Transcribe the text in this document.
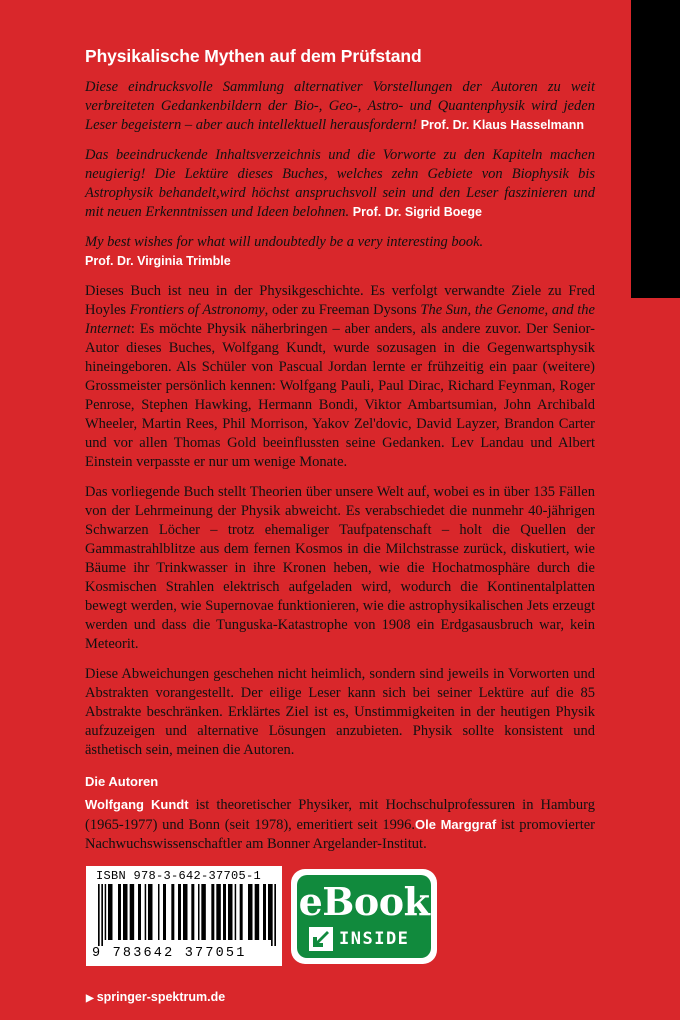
Physikalische Mythen auf dem Prüfstand

Diese eindrucksvolle Sammlung alternativer Vorstellungen der Autoren zu weit verbreiteten Gedankenbildern der Bio-, Geo-, Astro- und Quantenphysik wird jeden Leser begeistern – aber auch intellektuell herausfordern! Prof. Dr. Klaus Hasselmann

Das beeindruckende Inhaltsverzeichnis und die Vorworte zu den Kapiteln machen neugierig! Die Lektüre dieses Buches, welches zehn Gebiete von Biophysik bis Astrophysik behandelt,wird höchst anspruchsvoll sein und den Leser faszinieren und mit neuen Erkenntnissen und Ideen belohnen. Prof. Dr. Sigrid Boege

My best wishes for what will undoubtedly be a very interesting book.
Prof. Dr. Virginia Trimble

Dieses Buch ist neu in der Physikgeschichte. Es verfolgt verwandte Ziele zu Fred Hoyles Frontiers of Astronomy, oder zu Freeman Dysons The Sun, the Genome, and the Internet: Es möchte Physik näherbringen – aber anders, als andere zuvor. Der Senior-Autor dieses Buches, Wolfgang Kundt, wurde sozusagen in die Gegenwartsphysik hineingeboren. Als Schüler von Pascual Jordan lernte er frühzeitig ein paar (weitere) Grossmeister persönlich kennen: Wolfgang Pauli, Paul Dirac, Richard Feynman, Roger Penrose, Stephen Hawking, Hermann Bondi, Viktor Ambartsumian, John Archibald Wheeler, Martin Rees, Phil Morrison, Yakov Zel'dovic, David Layzer, Brandon Carter und vor allen Thomas Gold beeinflussten seine Gedanken. Lev Landau und Albert Einstein verpasste er nur um wenige Monate.

Das vorliegende Buch stellt Theorien über unsere Welt auf, wobei es in über 135 Fällen von der Lehrmeinung der Physik abweicht. Es verabschiedet die nunmehr 40-jährigen Schwarzen Löcher – trotz ehemaliger Taufpatenschaft – holt die Quellen der Gammastrahlblitze aus dem fernen Kosmos in die Milchstrasse zurück, diskutiert, wie Bäume ihr Trinkwasser in ihre Kronen heben, wie die Hochatmosphäre durch die Kosmischen Strahlen elektrisch aufgeladen wird, wodurch die Kontinentalplatten bewegt werden, wie Supernovae funktionieren, wie die astrophysikalischen Jets erzeugt werden und dass die Tunguska-Katastrophe von 1908 ein Erdgasausbruch war, kein Meteorit.

Diese Abweichungen geschehen nicht heimlich, sondern sind jeweils in Vorworten und Abstrakten vorangestellt. Der eilige Leser kann sich bei seiner Lektüre auf die 85 Abstrakte beschränken. Erklärtes Ziel ist es, Unstimmigkeiten in der heutigen Physik aufzuzeigen und alternative Lösungen anzubieten. Physik sollte konsistent und ästhetisch sein, meinen die Autoren.

Die Autoren

Wolfgang Kundt ist theoretischer Physiker, mit Hochschulprofessuren in Hamburg (1965-1977) und Bonn (seit 1978), emeritiert seit 1996.Ole Marggraf ist promovierter Nachwuchswissenschaftler am Bonner Argelander-Institut.

ISBN 978-3-642-37705-1
9 783642 377051
eBook
INSIDE
▶ springer-spektrum.de
